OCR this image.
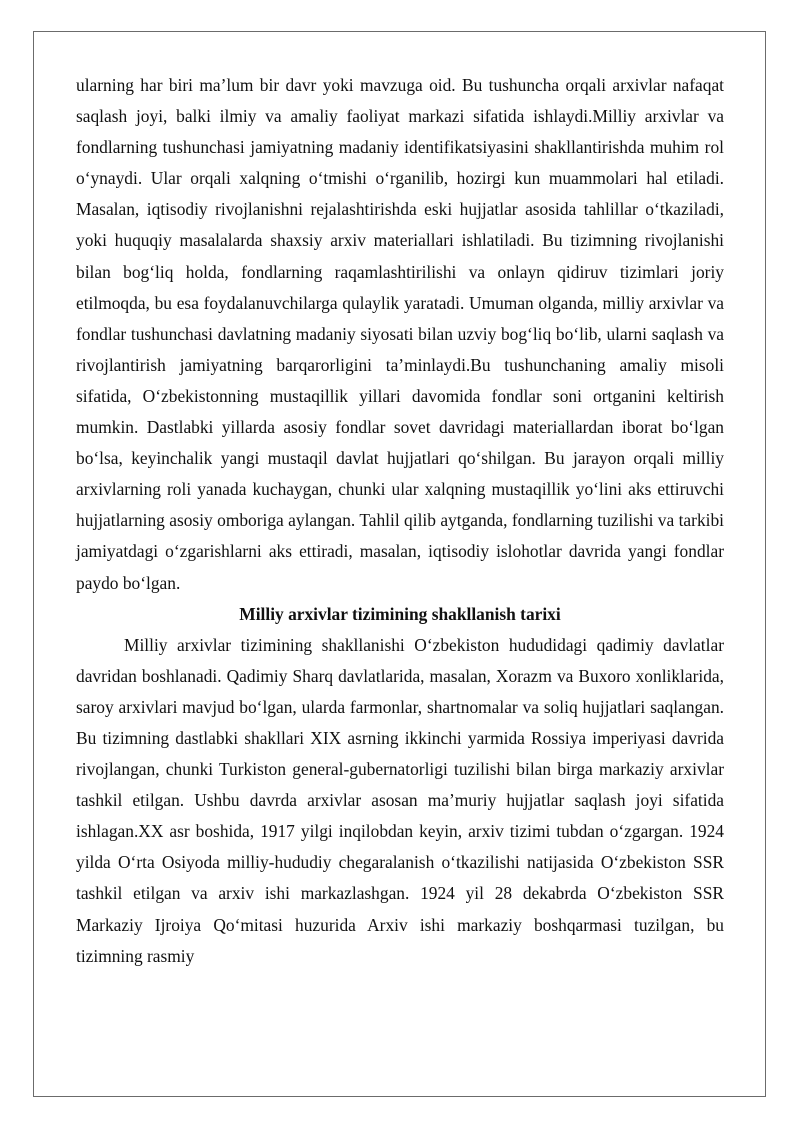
ularning har biri ma’lum bir davr yoki mavzuga oid. Bu tushuncha orqali arxivlar nafaqat saqlash joyi, balki ilmiy va amaliy faoliyat markazi sifatida ishlaydi.Milliy arxivlar va fondlarning tushunchasi jamiyatning madaniy identifikatsiyasini shakllantirishda muhim rol o‘ynaydi. Ular orqali xalqning o‘tmishi o‘rganilib, hozirgi kun muammolari hal etiladi. Masalan, iqtisodiy rivojlanishni rejalashtirishda eski hujjatlar asosida tahlillar o‘tkaziladi, yoki huquqiy masalalarda shaxsiy arxiv materiallari ishlatiladi. Bu tizimning rivojlanishi bilan bog‘liq holda, fondlarning raqamlashtirilishi va onlayn qidiruv tizimlari joriy etilmoqda, bu esa foydalanuvchilarga qulaylik yaratadi. Umuman olganda, milliy arxivlar va fondlar tushunchasi davlatning madaniy siyosati bilan uzviy bog‘liq bo‘lib, ularni saqlash va rivojlantirish jamiyatning barqarorligini ta’minlaydi.Bu tushunchaning amaliy misoli sifatida, O‘zbekistonning mustaqillik yillari davomida fondlar soni ortganini keltirish mumkin. Dastlabki yillarda asosiy fondlar sovet davridagi materiallardan iborat bo‘lgan bo‘lsa, keyinchalik yangi mustaqil davlat hujjatlari qo‘shilgan. Bu jarayon orqali milliy arxivlarning roli yanada kuchaygan, chunki ular xalqning mustaqillik yo‘lini aks ettiruvchi hujjatlarning asosiy omboriga aylangan. Tahlil qilib aytganda, fondlarning tuzilishi va tarkibi jamiyatdagi o‘zgarishlarni aks ettiradi, masalan, iqtisodiy islohotlar davrida yangi fondlar paydo bo‘lgan.

Milliy arxivlar tizimining shakllanish tarixi

Milliy arxivlar tizimining shakllanishi O‘zbekiston hududidagi qadimiy davlatlar davridan boshlanadi. Qadimiy Sharq davlatlarida, masalan, Xorazm va Buxoro xonliklarida, saroy arxivlari mavjud bo‘lgan, ularda farmonlar, shartnomalar va soliq hujjatlari saqlangan. Bu tizimning dastlabki shakllari XIX asrning ikkinchi yarmida Rossiya imperiyasi davrida rivojlangan, chunki Turkiston general-gubernatorligi tuzilishi bilan birga markaziy arxivlar tashkil etilgan. Ushbu davrda arxivlar asosan ma’muriy hujjatlar saqlash joyi sifatida ishlagan.XX asr boshida, 1917 yilgi inqilobdan keyin, arxiv tizimi tubdan o‘zgargan. 1924 yilda O‘rta Osiyoda milliy-hududiy chegaralanish o‘tkazilishi natijasida O‘zbekiston SSR tashkil etilgan va arxiv ishi markazlashgan. 1924 yil 28 dekabrda O‘zbekiston SSR Markaziy Ijroiya Qo‘mitasi huzurida Arxiv ishi markaziy boshqarmasi tuzilgan, bu tizimning rasmiy
